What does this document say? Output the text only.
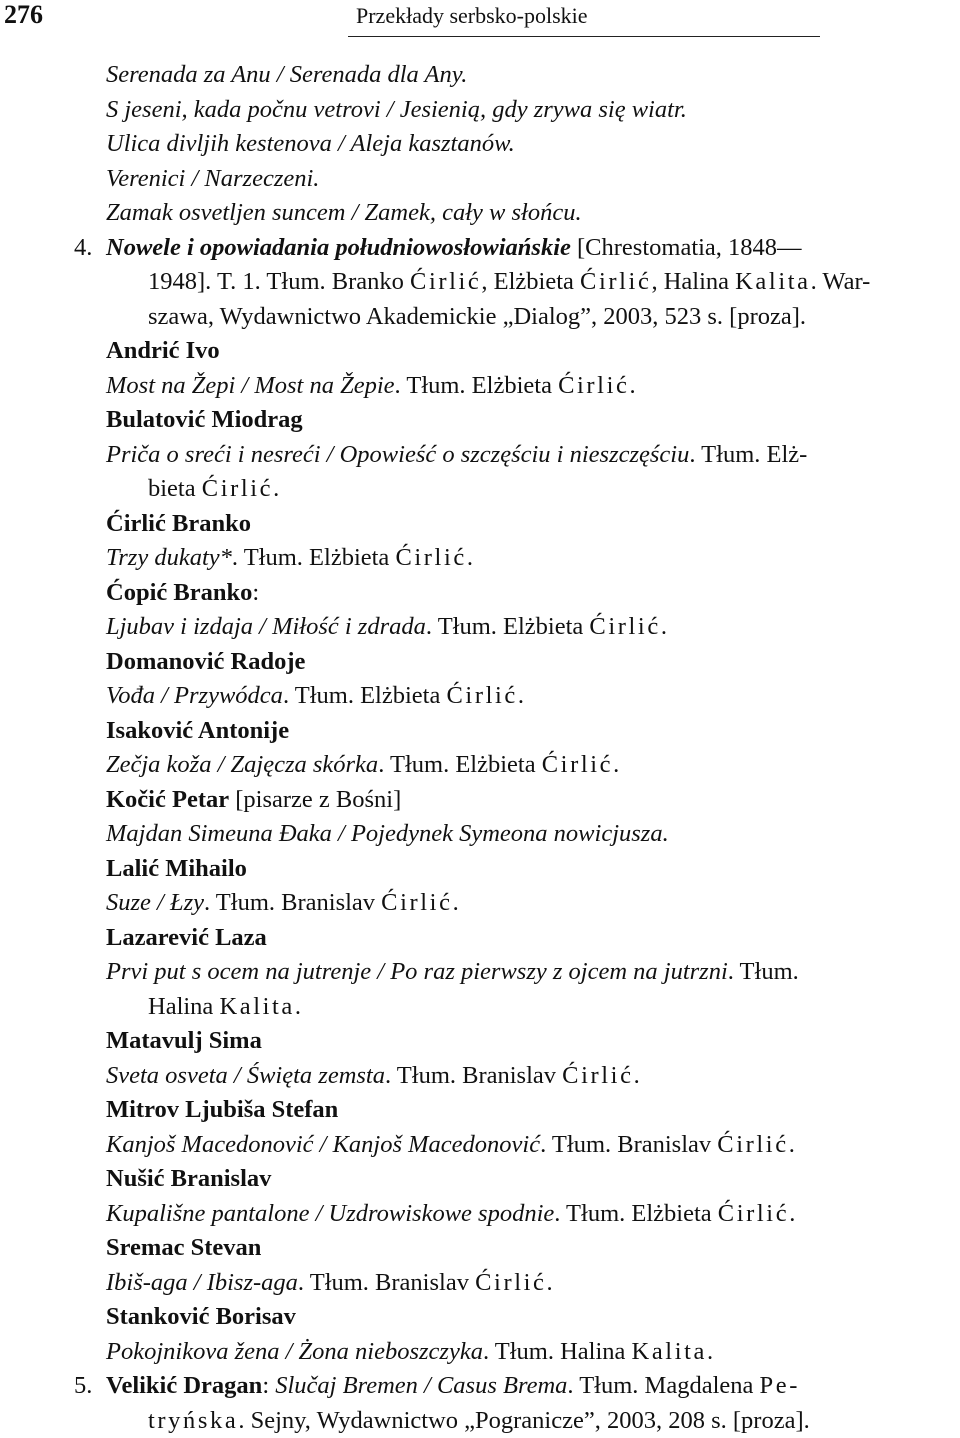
276	Przekłady serbsko-polskie
Serenada za Anu / Serenada dla Any.
S jeseni, kada počnu vetrovi / Jesienią, gdy zrywa się wiatr.
Ulica divljih kestenova / Aleja kasztanów.
Verenici / Narzeczeni.
Zamak osvetljen suncem / Zamek, cały w słońcu.
4. Nowele i opowiadania południowosłowiańskie [Chrestomatia, 1848—
1948]. T. 1. Tłum. Branko Ćirlić, Elżbieta Ćirlić, Halina Kalita. War-
szawa, Wydawnictwo Akademickie „Dialog”, 2003, 523 s. [proza].
Andrić Ivo
Most na Žepi / Most na Žepie. Tłum. Elżbieta Ćirlić.
Bulatović Miodrag
Priča o sreći i nesreći / Opowieść o szczęściu i nieszczęściu. Tłum. Elż-
bieta Ćirlić.
Ćirlić Branko
Trzy dukaty*. Tłum. Elżbieta Ćirlić.
Ćopić Branko:
Ljubav i izdaja / Miłość i zdrada. Tłum. Elżbieta Ćirlić.
Domanović Radoje
Vođa / Przywódca. Tłum. Elżbieta Ćirlić.
Isaković Antonije
Zečja koža / Zajęcza skórka. Tłum. Elżbieta Ćirlić.
Kočić Petar [pisarze z Bośni]
Majdan Simeuna Đaka / Pojedynek Symeona nowicjusza.
Lalić Mihailo
Suze / Łzy. Tłum. Branislav Ćirlić.
Lazarević Laza
Prvi put s ocem na jutrenje / Po raz pierwszy z ojcem na jutrzni. Tłum.
Halina Kalita.
Matavulj Sima
Sveta osveta / Święta zemsta. Tłum. Branislav Ćirlić.
Mitrov Ljubiša Stefan
Kanjoš Macedonović / Kanjoš Macedonović. Tłum. Branislav Ćirlić.
Nušić Branislav
Kupališne pantalone / Uzdrowiskowe spodnie. Tłum. Elżbieta Ćirlić.
Sremac Stevan
Ibiš-aga / Ibisz-aga. Tłum. Branislav Ćirlić.
Stanković Borisav
Pokojnikova žena / Żona nieboszczyka. Tłum. Halina Kalita.
5. Velikić Dragan: Slučaj Bremen / Casus Brema. Tłum. Magdalena Pe-
tryńska. Sejny, Wydawnictwo „Pogranicze”, 2003, 208 s. [proza].
